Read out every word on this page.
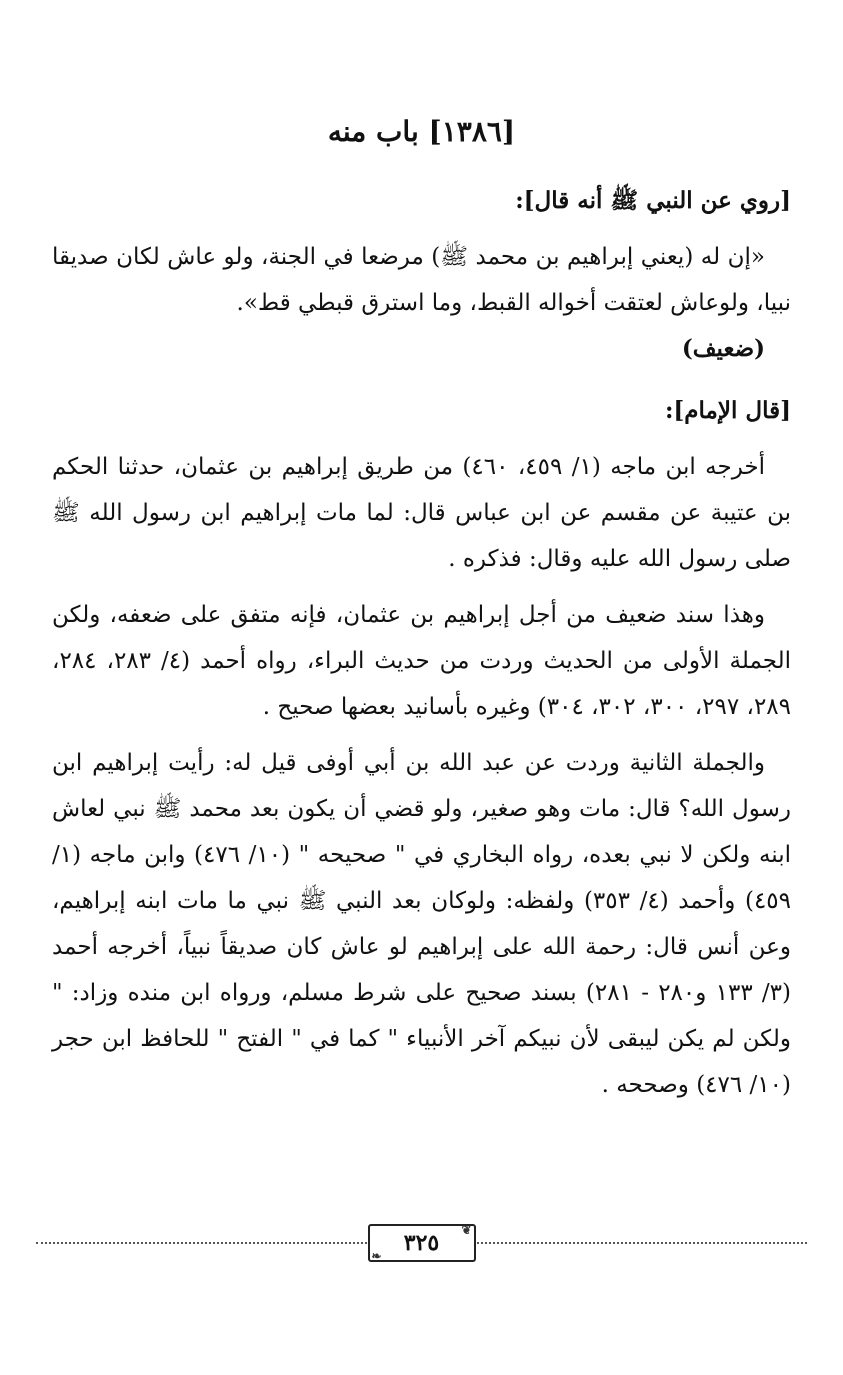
[١٣٨٦] باب منه

[روي عن النبي ﷺ أنه قال]:

«إن له (يعني إبراهيم بن محمد ﷺ) مرضعا في الجنة، ولو عاش لكان صديقا نبيا، ولوعاش لعتقت أخواله القبط، وما استرق قبطي قط».

(ضعيف)

[قال الإمام]:

أخرجه ابن ماجه (١/ ٤٥٩، ٤٦٠) من طريق إبراهيم بن عثمان، حدثنا الحكم بن عتيبة عن مقسم عن ابن عباس قال: لما مات إبراهيم ابن رسول الله ﷺ صلى رسول الله عليه وقال: فذكره .

وهذا سند ضعيف من أجل إبراهيم بن عثمان، فإنه متفق على ضعفه، ولكن الجملة الأولى من الحديث وردت من حديث البراء، رواه أحمد (٤/ ٢٨٣، ٢٨٤، ٢٨٩، ٢٩٧، ٣٠٠، ٣٠٢، ٣٠٤) وغيره بأسانيد بعضها صحيح .

والجملة الثانية وردت عن عبد الله بن أبي أوفى قيل له: رأيت إبراهيم ابن رسول الله؟ قال: مات وهو صغير، ولو قضي أن يكون بعد محمد ﷺ نبي لعاش ابنه ولكن لا نبي بعده، رواه البخاري في " صحيحه " (١٠/ ٤٧٦) وابن ماجه (١/ ٤٥٩) وأحمد (٤/ ٣٥٣) ولفظه: ولوكان بعد النبي ﷺ نبي ما مات ابنه إبراهيم، وعن أنس قال: رحمة الله على إبراهيم لو عاش كان صديقاً نبياً، أخرجه أحمد (٣/ ١٣٣ و٢٨٠ - ٢٨١) بسند صحيح على شرط مسلم، ورواه ابن منده وزاد: " ولكن لم يكن ليبقى لأن نبيكم آخر الأنبياء " كما في " الفتح " للحافظ ابن حجر (١٠/ ٤٧٦) وصححه .

❦
٣٢٥
❧
